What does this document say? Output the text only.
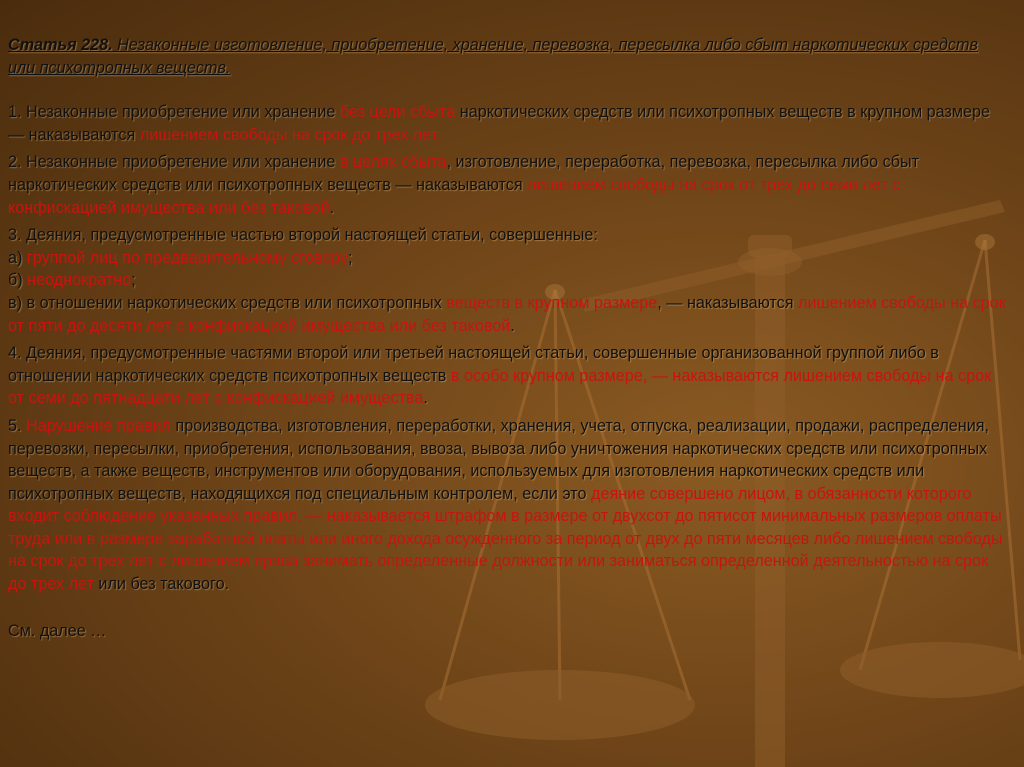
Статья 228. Незаконные изготовление, приобретение, хранение, перевозка, пересылка либо сбыт наркотических средств или психотропных веществ.

1. Незаконные приобретение или хранение без цели сбыта наркотических средств или психотропных веществ в крупном размере — наказываются лишением свободы на срок до трех лет.

2. Незаконные приобретение или хранение в целях сбыта, изготовление, переработка, перевозка, пересылка либо сбыт наркотических средств или психотропных веществ — наказываются лишением свободы на срок от трех до семи лет с конфискацией имущества или без таковой.

3. Деяния, предусмотренные частью второй настоящей статьи, совершенные:

а) группой лиц по предварительному сговору;

б) неоднократно;

в) в отношении наркотических средств или психотропных веществ в крупном размере, — наказываются лишением свободы на срок от пяти до десяти лет с конфискацией имущества или без таковой.

4. Деяния, предусмотренные частями второй или третьей настоящей статьи, совершенные организованной группой либо в отношении наркотических средств психотропных веществ в особо крупном размере, — наказываются лишением свободы на срок от семи до пятнадцати лет с конфискацией имущества.

5. Нарушение правил производства, изготовления, переработки, хранения, учета, отпуска, реализации, продажи, распределения, перевозки, пересылки, приобретения, использования, ввоза, вывоза либо уничтожения наркотических средств или психотропных веществ, а также веществ, инструментов или оборудования, используемых для изготовления наркотических средств или психотропных веществ, находящихся под специальным контролем, если это деяние совершено лицом, в обязанности которого входит соблюдение указанных правил, — наказывается штрафом в размере от двухсот до пятисот минимальных размеров оплаты труда или в размере заработной платы или иного дохода осужденного за период от двух до пяти месяцев либо лишением свободы на срок до трех лет с лишением права занимать определенные должности или заниматься определенной деятельностью на срок до трех лет или без такового.

См. далее …
